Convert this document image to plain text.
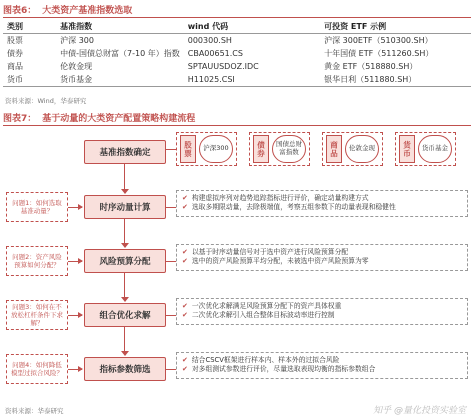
图表6： 大类资产基准指数选取
类别	基准指数	wind 代码	可投资 ETF 示例
股票	沪深 300	000300.SH	沪深 300ETF（510300.SH）
债券	中债-国债总财富（7-10 年）指数	CBA00651.CS	十年国债 ETF（511260.SH）
商品	伦敦金现	SPTAUUSDOZ.IDC	黄金 ETF（518880.SH）
货币	货币基金	H11025.CSI	银华日利（511880.SH）
资料来源：Wind，华泰研究
图表7： 基于动量的大类资产配置策略构建流程
基准指数确定
时序动量计算
风险预算分配
组合优化求解
指标参数筛选
问题1：如何选取基准动量？
问题2：资产风险预算如何分配？
问题3：如何在不放松杠杆条件下求解？
问题4：如何降低模型过拟合风险？
股票	沪深300	债券	国债总财富指数	商品	伦敦金现	货币	货币基金
✔ 构建虚拟序列对趋势追踪指标进行评价，确定动量构建方式
✔ 选取多期限动量，去除极端值，考察五组参数下的动量表现和稳健性
✔ 以基于时序动量信号对于选中资产进行风险预算分配
✔ 选中的资产风险预算平均分配，未被选中资产风险预算为零
✔ 一次优化求解满足风险预算分配下的资产具体权重
✔ 二次优化求解引入组合整体目标波动率进行控制
✔ 结合CSCV框架进行样本内、样本外的过拟合风险
✔ 对多组测试参数进行评价，尽量选取表现均衡的指标参数组合
资料来源：华泰研究	知乎 @量化投资实验室
